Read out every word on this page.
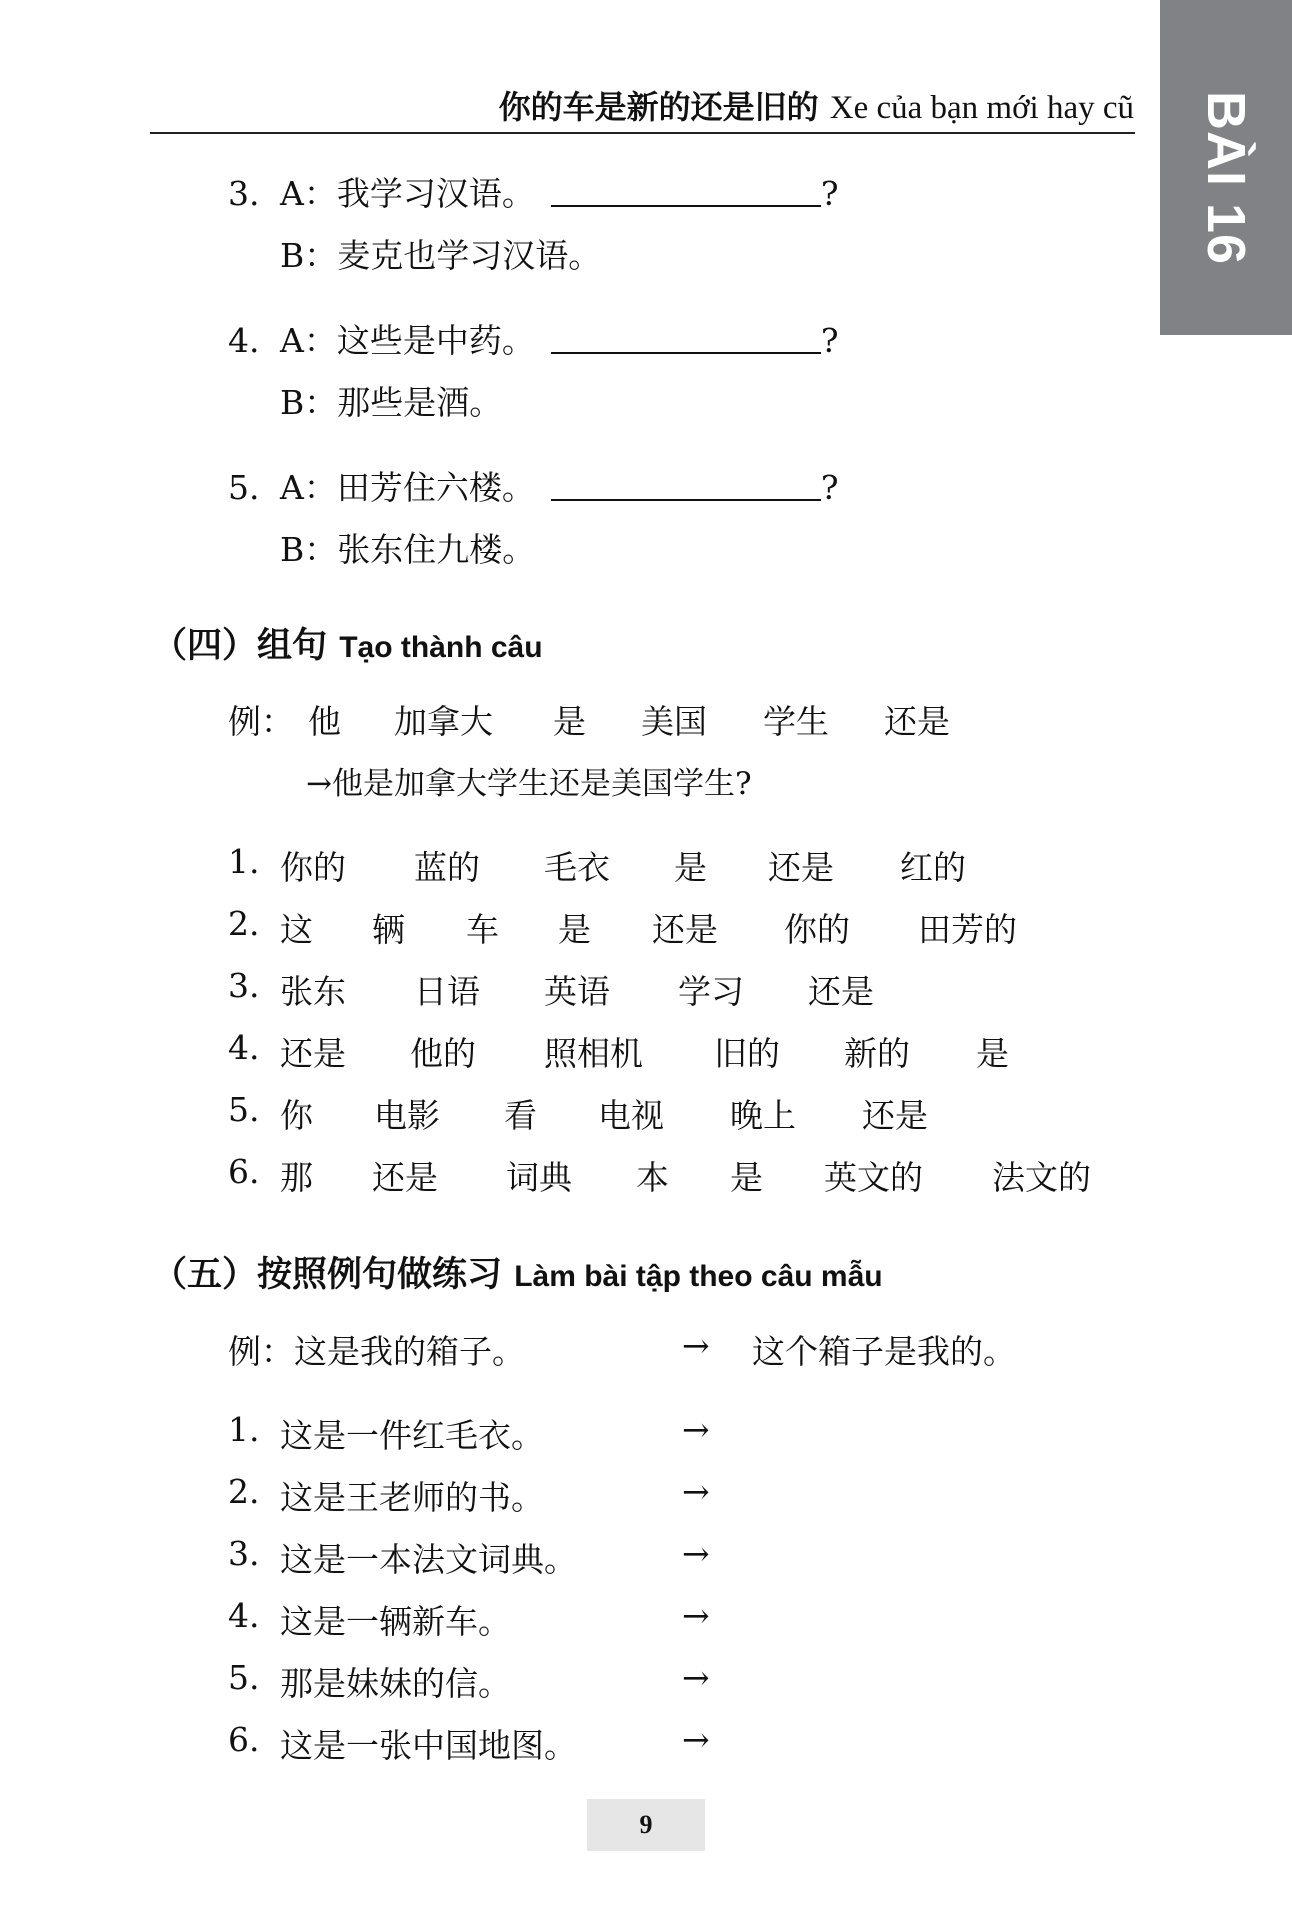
你的车是新的还是旧的 Xe của bạn mới hay cũ BÀI 16
3. A：我学习汉语。	?
B：麦克也学习汉语。
4. A：这些是中药。	?
B：那些是酒。
5. A：田芳住六楼。	?
B：张东住九楼。
（四）组句 Tạo thành câu
例： 他 加拿大 是 美国 学生 还是
→他是加拿大学生还是美国学生?
1. 你的 蓝的 毛衣 是 还是 红的
2. 这 辆 车 是 还是 你的 田芳的
3. 张东 日语 英语 学习 还是
4. 还是 他的 照相机 旧的 新的 是
5. 你 电影 看 电视 晚上 还是
6. 那 还是 词典 本 是 英文的 法文的
（五）按照例句做练习 Làm bài tập theo câu mẫu
例：这是我的箱子。	→ 这个箱子是我的。
1. 这是一件红毛衣。	→
2. 这是王老师的书。	→
3. 这是一本法文词典。	→
4. 这是一辆新车。	→
5. 那是妹妹的信。	→
6. 这是一张中国地图。	→
9
